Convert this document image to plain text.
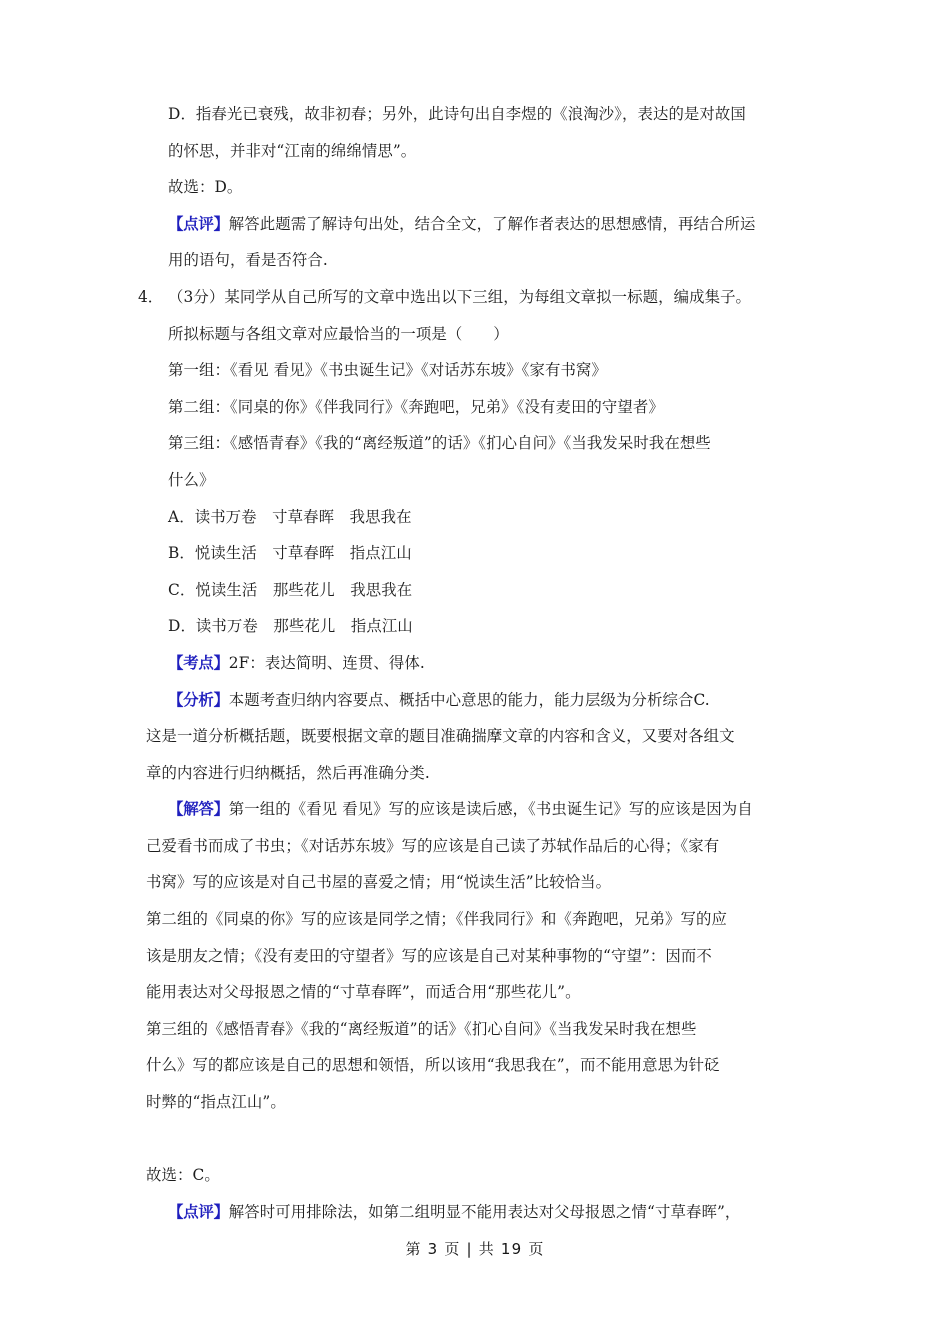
D．指春光已衰残，故非初春；另外，此诗句出自李煜的《浪淘沙》，表达的是对故国
的怀思，并非对“江南的绵绵情思”。
故选：D。
【点评】解答此题需了解诗句出处，结合全文，了解作者表达的思想感情，再结合所运
用的语句，看是否符合.
4． （3分）某同学从自己所写的文章中选出以下三组，为每组文章拟一标题，编成集子。
所拟标题与各组文章对应最恰当的一项是（　　）
第一组：《看见 看见》《书虫诞生记》《对话苏东坡》《家有书窝》
第二组：《同桌的你》《伴我同行》《奔跑吧，兄弟》《没有麦田的守望者》
第三组：《感悟青春》《我的“离经叛道”的话》《扪心自问》《当我发呆时我在想些
什么》
A．读书万卷　寸草春晖　我思我在
B．悦读生活　寸草春晖　指点江山
C．悦读生活　那些花儿　我思我在
D．读书万卷　那些花儿　指点江山
【考点】2F：表达简明、连贯、得体.
【分析】本题考查归纳内容要点、概括中心意思的能力，能力层级为分析综合C.
这是一道分析概括题，既要根据文章的题目准确揣摩文章的内容和含义，又要对各组文
章的内容进行归纳概括，然后再准确分类.
【解答】第一组的《看见 看见》写的应该是读后感，《书虫诞生记》写的应该是因为自
己爱看书而成了书虫；《对话苏东坡》写的应该是自己读了苏轼作品后的心得；《家有
书窝》写的应该是对自己书屋的喜爱之情；用“悦读生活”比较恰当。
第二组的《同桌的你》写的应该是同学之情；《伴我同行》和《奔跑吧，兄弟》写的应
该是朋友之情；《没有麦田的守望者》写的应该是自己对某种事物的“守望”：因而不
能用表达对父母报恩之情的“寸草春晖”，而适合用“那些花儿”。
第三组的《感悟青春》《我的“离经叛道”的话》《扪心自问》《当我发呆时我在想些
什么》写的都应该是自己的思想和领悟，所以该用“我思我在”，而不能用意思为针砭
时弊的“指点江山”。
故选：C。
【点评】解答时可用排除法，如第二组明显不能用表达对父母报恩之情“寸草春晖”，
第 3 页 | 共 19 页
